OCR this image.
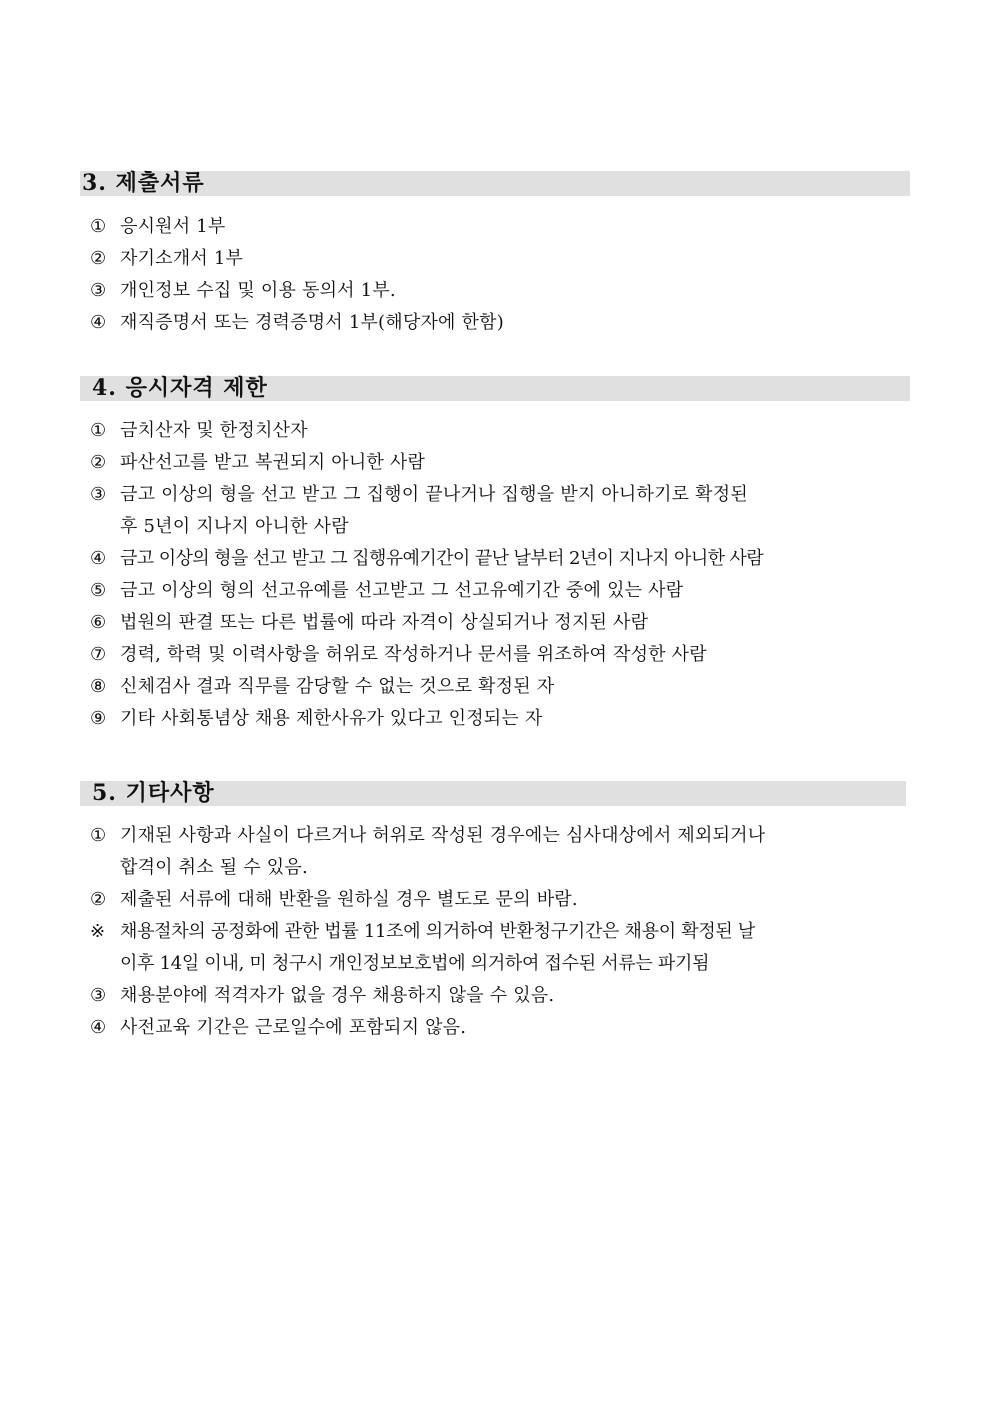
3. 제출서류
① 응시원서 1부
② 자기소개서 1부
③ 개인정보 수집 및 이용 동의서 1부.
④ 재직증명서 또는 경력증명서 1부(해당자에 한함)
4. 응시자격 제한
① 금치산자 및 한정치산자
② 파산선고를 받고 복권되지 아니한 사람
③ 금고 이상의 형을 선고 받고 그 집행이 끝나거나 집행을 받지 아니하기로 확정된
후 5년이 지나지 아니한 사람
④ 금고 이상의 형을 선고 받고 그 집행유예기간이 끝난 날부터 2년이 지나지 아니한 사람
⑤ 금고 이상의 형의 선고유예를 선고받고 그 선고유예기간 중에 있는 사람
⑥ 법원의 판결 또는 다른 법률에 따라 자격이 상실되거나 정지된 사람
⑦ 경력, 학력 및 이력사항을 허위로 작성하거나 문서를 위조하여 작성한 사람
⑧ 신체검사 결과 직무를 감당할 수 없는 것으로 확정된 자
⑨ 기타 사회통념상 채용 제한사유가 있다고 인정되는 자
5. 기타사항
① 기재된 사항과 사실이 다르거나 허위로 작성된 경우에는 심사대상에서 제외되거나
합격이 취소 될 수 있음.
② 제출된 서류에 대해 반환을 원하실 경우 별도로 문의 바람.
※ 채용절차의 공정화에 관한 법률 11조에 의거하여 반환청구기간은 채용이 확정된 날
이후 14일 이내, 미 청구시 개인정보보호법에 의거하여 접수된 서류는 파기됨
③ 채용분야에 적격자가 없을 경우 채용하지 않을 수 있음.
④ 사전교육 기간은 근로일수에 포함되지 않음.
